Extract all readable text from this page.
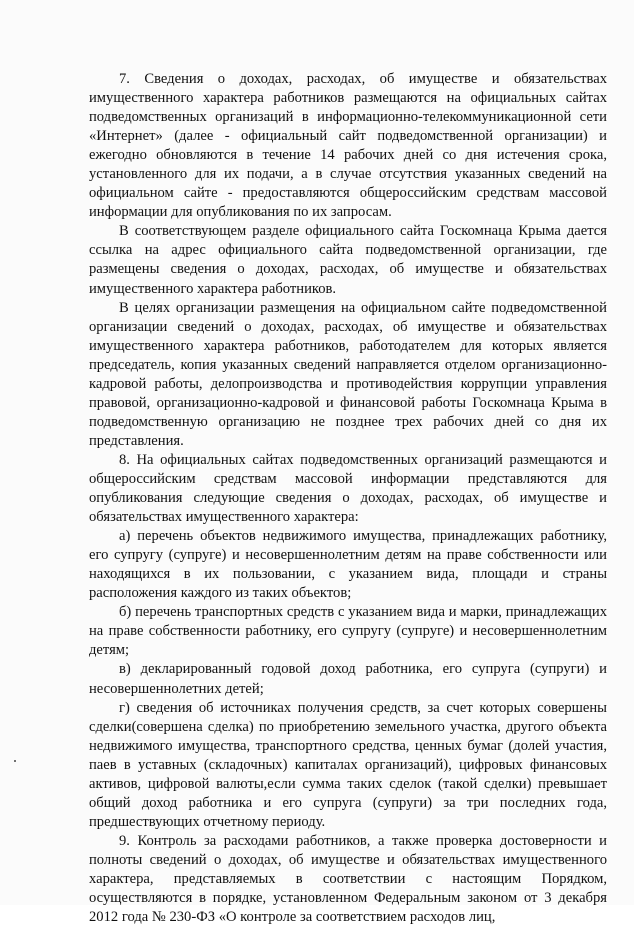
7. Сведения о доходах, расходах, об имуществе и обязательствах имущественного характера работников размещаются на официальных сайтах подведомственных организаций в информационно-телекоммуникационной сети «Интернет» (далее - официальный сайт подведомственной организации) и ежегодно обновляются в течение 14 рабочих дней со дня истечения срока, установленного для их подачи, а в случае отсутствия указанных сведений на официальном сайте - предоставляются общероссийским средствам массовой информации для опубликования по их запросам.

В соответствующем разделе официального сайта Госкомнаца Крыма дается ссылка на адрес официального сайта подведомственной организации, где размещены сведения о доходах, расходах, об имуществе и обязательствах имущественного характера работников.

В целях организации размещения на официальном сайте подведомственной организации сведений о доходах, расходах, об имуществе и обязательствах имущественного характера работников, работодателем для которых является председатель, копия указанных сведений направляется отделом организационно-кадровой работы, делопроизводства и противодействия коррупции управления правовой, организационно-кадровой и финансовой работы Госкомнаца Крыма в подведомственную организацию не позднее трех рабочих дней со дня их представления.

8. На официальных сайтах подведомственных организаций размещаются и общероссийским средствам массовой информации представляются для опубликования следующие сведения о доходах, расходах, об имуществе и обязательствах имущественного характера:

а) перечень объектов недвижимого имущества, принадлежащих работнику, его супругу (супруге) и несовершеннолетним детям на праве собственности или находящихся в их пользовании, с указанием вида, площади и страны расположения каждого из таких объектов;

б) перечень транспортных средств с указанием вида и марки, принадлежащих на праве собственности работнику, его супругу (супруге) и несовершеннолетним детям;

в) декларированный годовой доход работника, его супруга (супруги) и несовершеннолетних детей;

г) сведения об источниках получения средств, за счет которых совершены сделки(совершена сделка) по приобретению земельного участка, другого объекта недвижимого имущества, транспортного средства, ценных бумаг (долей участия, паев в уставных (складочных) капиталах организаций), цифровых финансовых активов, цифровой валюты,если сумма таких сделок (такой сделки) превышает общий доход работника и его супруга (супруги) за три последних года, предшествующих отчетному периоду.

9. Контроль за расходами работников, а также проверка достоверности и полноты сведений о доходах, об имуществе и обязательствах имущественного характера, представляемых в соответствии с настоящим Порядком, осуществляются в порядке, установленном Федеральным законом от 3 декабря 2012 года № 230-ФЗ «О контроле за соответствием расходов лиц,
